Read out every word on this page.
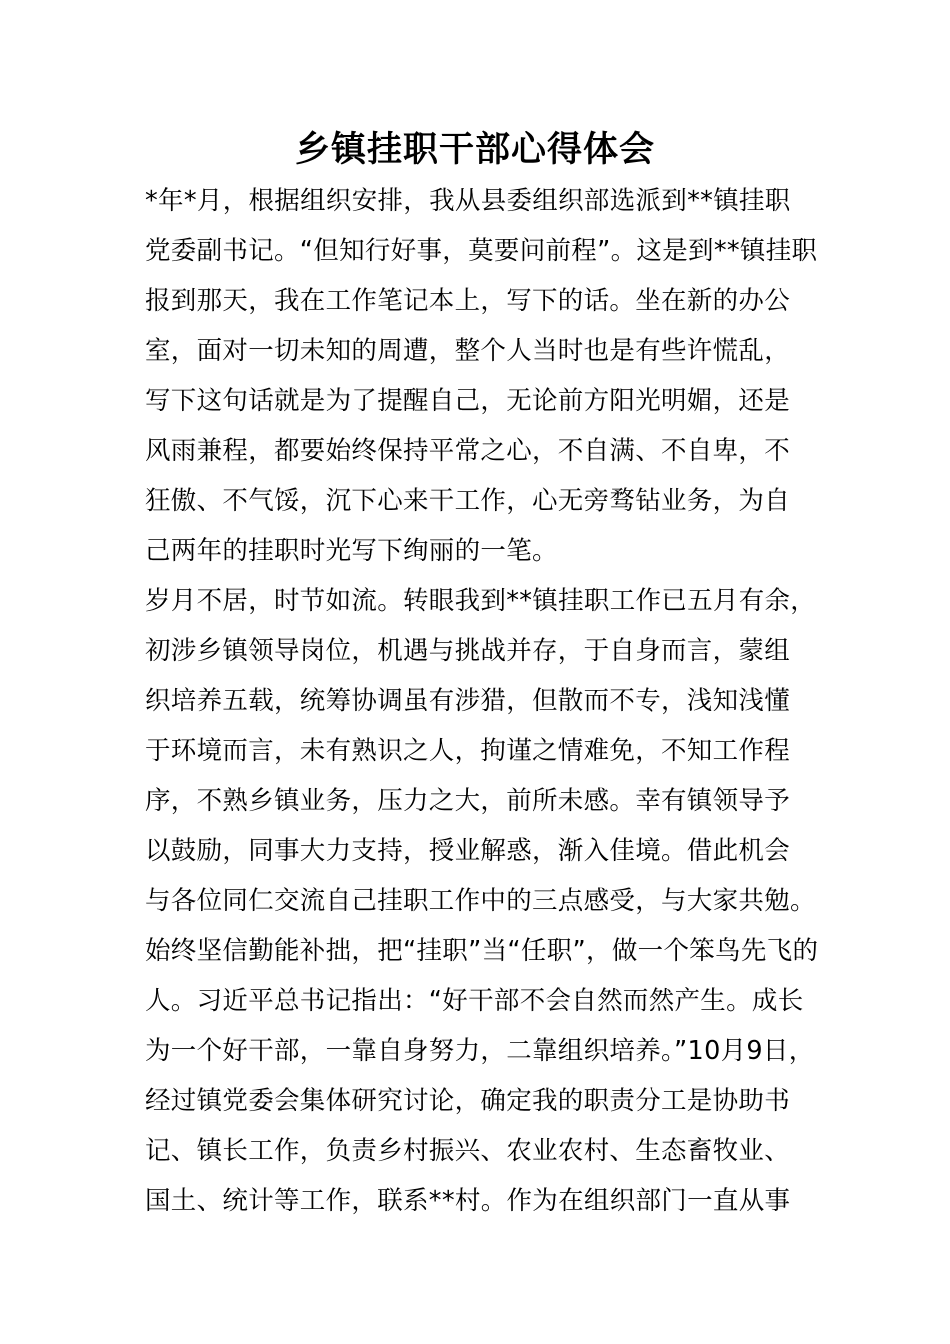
乡镇挂职干部心得体会
*年*月，根据组织安排，我从县委组织部选派到**镇挂职
党委副书记。“但知行好事，莫要问前程”。这是到**镇挂职
报到那天，我在工作笔记本上，写下的话。坐在新的办公
室，面对一切未知的周遭，整个人当时也是有些许慌乱，
写下这句话就是为了提醒自己，无论前方阳光明媚，还是
风雨兼程，都要始终保持平常之心，不自满、不自卑，不
狂傲、不气馁，沉下心来干工作，心无旁骛钻业务，为自
己两年的挂职时光写下绚丽的一笔。
岁月不居，时节如流。转眼我到**镇挂职工作已五月有余，
初涉乡镇领导岗位，机遇与挑战并存，于自身而言，蒙组
织培养五载，统筹协调虽有涉猎，但散而不专，浅知浅懂
于环境而言，未有熟识之人，拘谨之情难免，不知工作程
序，不熟乡镇业务，压力之大，前所未感。幸有镇领导予
以鼓励，同事大力支持，授业解惑，渐入佳境。借此机会
与各位同仁交流自己挂职工作中的三点感受，与大家共勉。
始终坚信勤能补拙，把“挂职”当“任职”，做一个笨鸟先飞的
人。习近平总书记指出：“好干部不会自然而然产生。成长
为一个好干部，一靠自身努力，二靠组织培养。”10月9日，
经过镇党委会集体研究讨论，确定我的职责分工是协助书
记、镇长工作，负责乡村振兴、农业农村、生态畜牧业、
国土、统计等工作，联系**村。作为在组织部门一直从事
